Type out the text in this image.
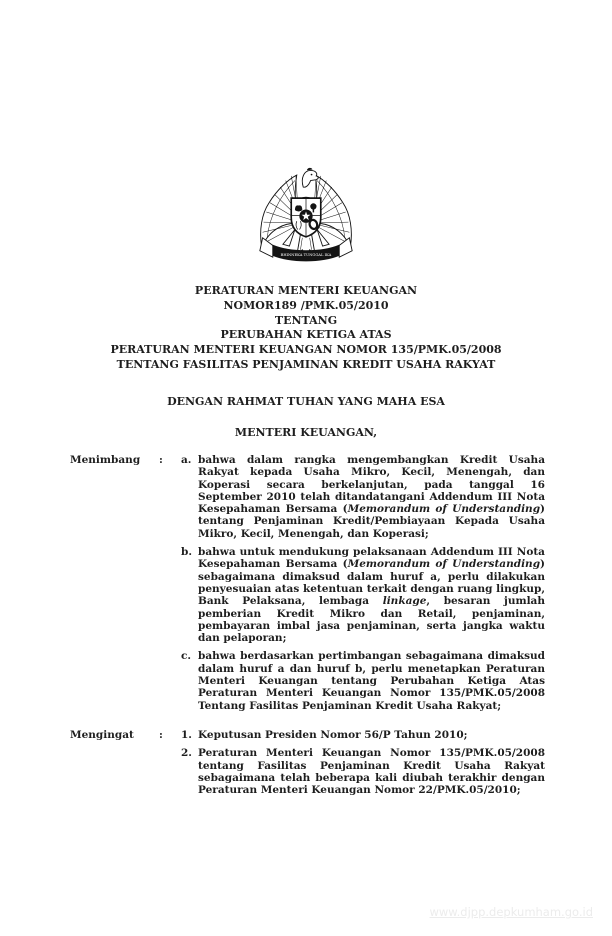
BHINNEKA TUNGGAL IKA
PERATURAN MENTERI KEUANGAN
NOMOR189 /PMK.05/2010
TENTANG
PERUBAHAN KETIGA ATAS
PERATURAN MENTERI KEUANGAN NOMOR 135/PMK.05/2008
TENTANG FASILITAS PENJAMINAN KREDIT USAHA RAKYAT
DENGAN RAHMAT TUHAN YANG MAHA ESA
MENTERI KEUANGAN,
Menimbang	:	a. bahwa dalam rangka mengembangkan Kredit Usaha Rakyat kepada Usaha Mikro, Kecil, Menengah, dan Koperasi secara berkelanjutan, pada tanggal 16 September 2010 telah ditandatangani Addendum III Nota Kesepahaman Bersama (Memorandum of Understanding) tentang Penjaminan Kredit/Pembiayaan Kepada Usaha Mikro, Kecil, Menengah, dan Koperasi;
b. bahwa untuk mendukung pelaksanaan Addendum III Nota Kesepahaman Bersama (Memorandum of Understanding) sebagaimana dimaksud dalam huruf a, perlu dilakukan penyesuaian atas ketentuan terkait dengan ruang lingkup, Bank Pelaksana, lembaga linkage, besaran jumlah pemberian Kredit Mikro dan Retail, penjaminan, pembayaran imbal jasa penjaminan, serta jangka waktu dan pelaporan;
c. bahwa berdasarkan pertimbangan sebagaimana dimaksud dalam huruf a dan huruf b, perlu menetapkan Peraturan Menteri Keuangan tentang Perubahan Ketiga Atas Peraturan Menteri Keuangan Nomor 135/PMK.05/2008 Tentang Fasilitas Penjaminan Kredit Usaha Rakyat;
Mengingat	:	1. Keputusan Presiden Nomor 56/P Tahun 2010;
2. Peraturan Menteri Keuangan Nomor 135/PMK.05/2008 tentang Fasilitas Penjaminan Kredit Usaha Rakyat sebagaimana telah beberapa kali diubah terakhir dengan Peraturan Menteri Keuangan Nomor 22/PMK.05/2010;
www.djpp.depkumham.go.id
